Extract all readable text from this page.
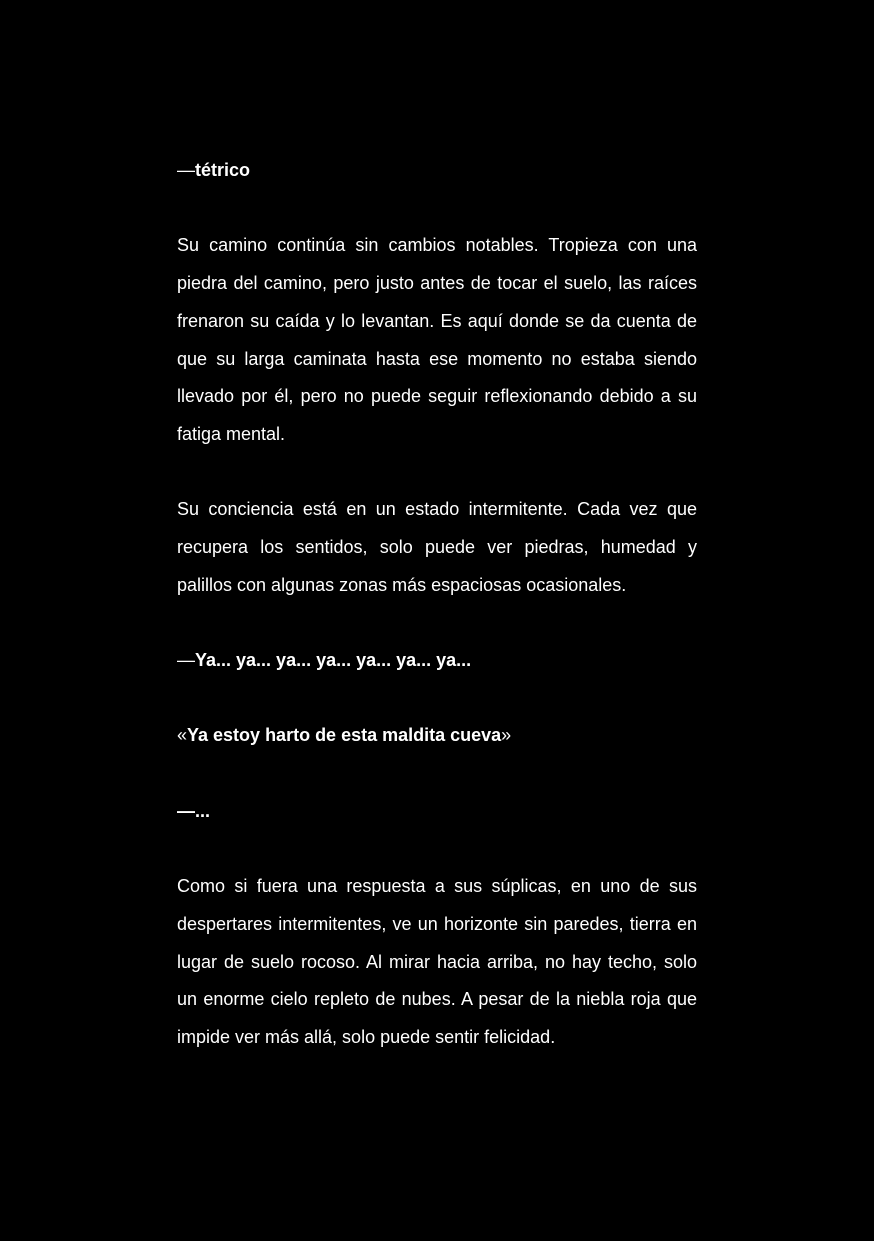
—tétrico

Su camino continúa sin cambios notables. Tropieza con una piedra del camino, pero justo antes de tocar el suelo, las raíces frenaron su caída y lo levantan. Es aquí donde se da cuenta de que su larga caminata hasta ese momento no estaba siendo llevado por él, pero no puede seguir reflexionando debido a su fatiga mental.

Su conciencia está en un estado intermitente. Cada vez que recupera los sentidos, solo puede ver piedras, humedad y palillos con algunas zonas más espaciosas ocasionales.

—Ya... ya... ya... ya... ya... ya... ya...

«Ya estoy harto de esta maldita cueva»

—...

Como si fuera una respuesta a sus súplicas, en uno de sus despertares intermitentes, ve un horizonte sin paredes, tierra en lugar de suelo rocoso. Al mirar hacia arriba, no hay techo, solo un enorme cielo repleto de nubes. A pesar de la niebla roja que impide ver más allá, solo puede sentir felicidad.
